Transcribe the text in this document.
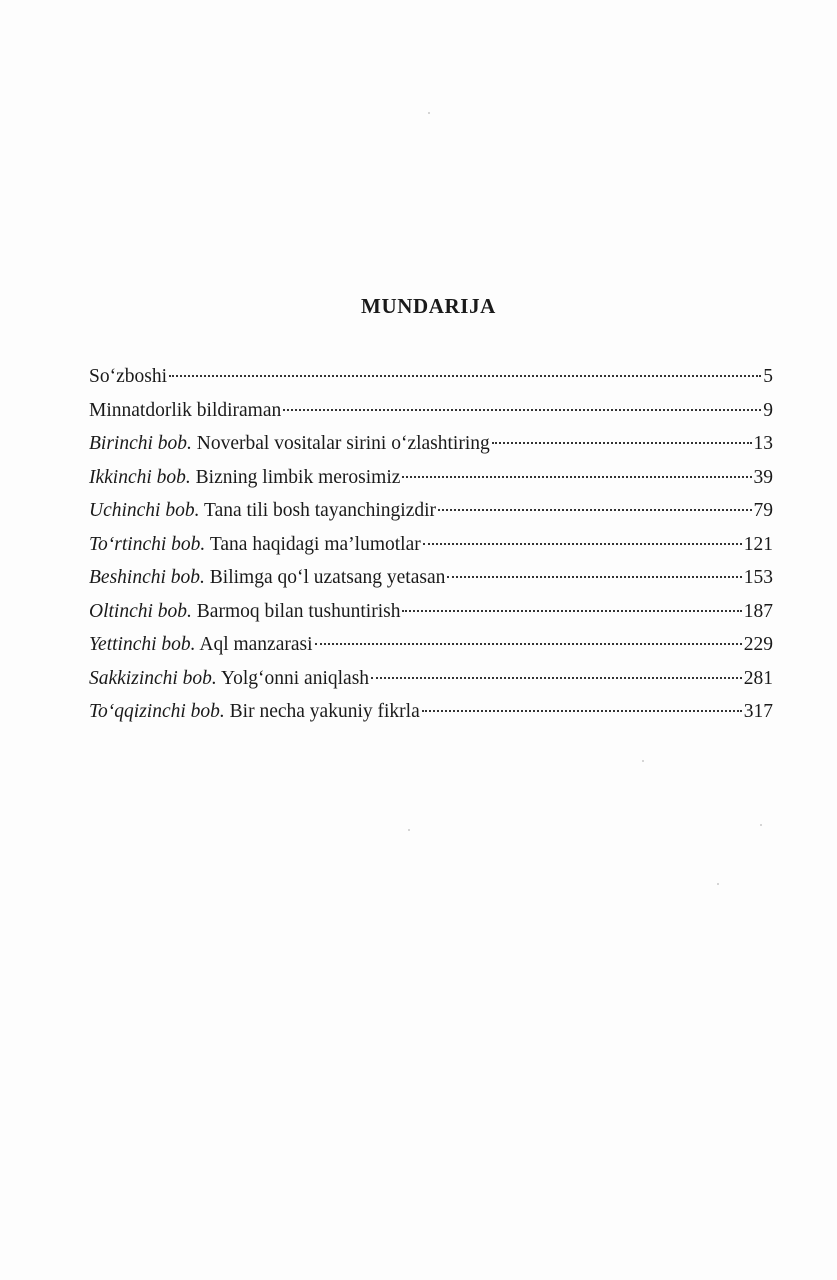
MUNDARIJA
So‘zboshi	5
Minnatdorlik bildiraman	9
Birinchi bob. Noverbal vositalar sirini o‘zlashtiring	13
Ikkinchi bob. Bizning limbik merosimiz	39
Uchinchi bob. Tana tili bosh tayanchingizdir	79
To‘rtinchi bob. Tana haqidagi ma’lumotlar	121
Beshinchi bob. Bilimga qo‘l uzatsang yetasan	153
Oltinchi bob. Barmoq bilan tushuntirish	187
Yettinchi bob. Aql manzarasi	229
Sakkizinchi bob. Yolg‘onni aniqlash	281
To‘qqizinchi bob. Bir necha yakuniy fikrla	317
